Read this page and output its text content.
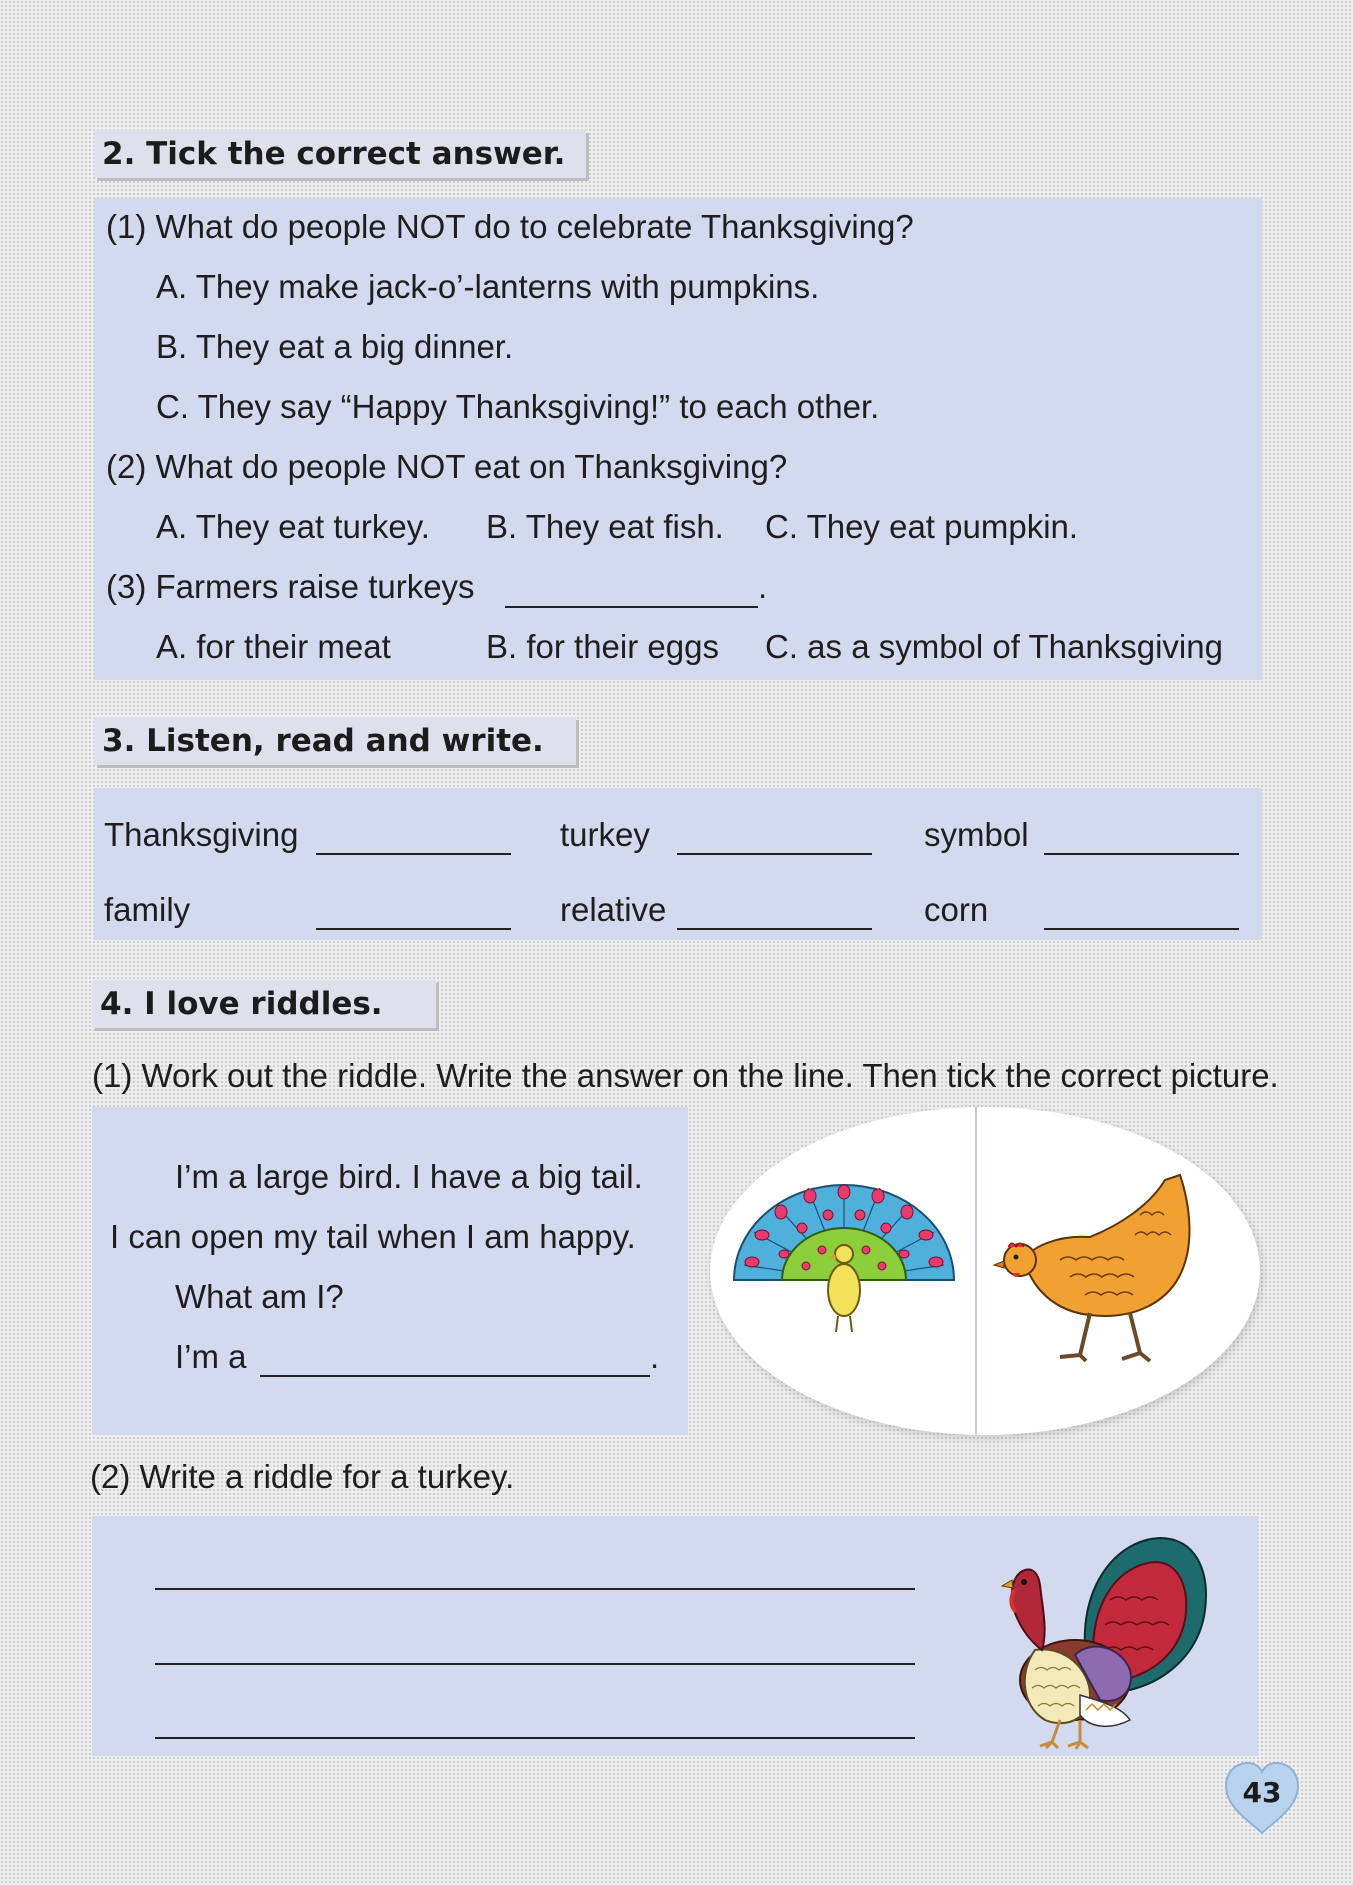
2. Tick the correct answer.
(1) What do people NOT do to celebrate Thanksgiving?
A. They make jack-o’-lanterns with pumpkins.
B. They eat a big dinner.
C. They say “Happy Thanksgiving!” to each other.
(2) What do people NOT eat on Thanksgiving?
A. They eat turkey. B. They eat fish. C. They eat pumpkin.
(3) Farmers raise turkeys	.
A. for their meat	B. for their eggs C. as a symbol of Thanksgiving
3. Listen, read and write.
Thanksgiving	turkey	symbol
family	relative	corn
4. I love riddles.
(1) Work out the riddle. Write the answer on the line. Then tick the correct picture.
I’m a large bird. I have a big tail.
I can open my tail when I am happy.
What am I?
I’m a	.
(2) Write a riddle for a turkey.
43
